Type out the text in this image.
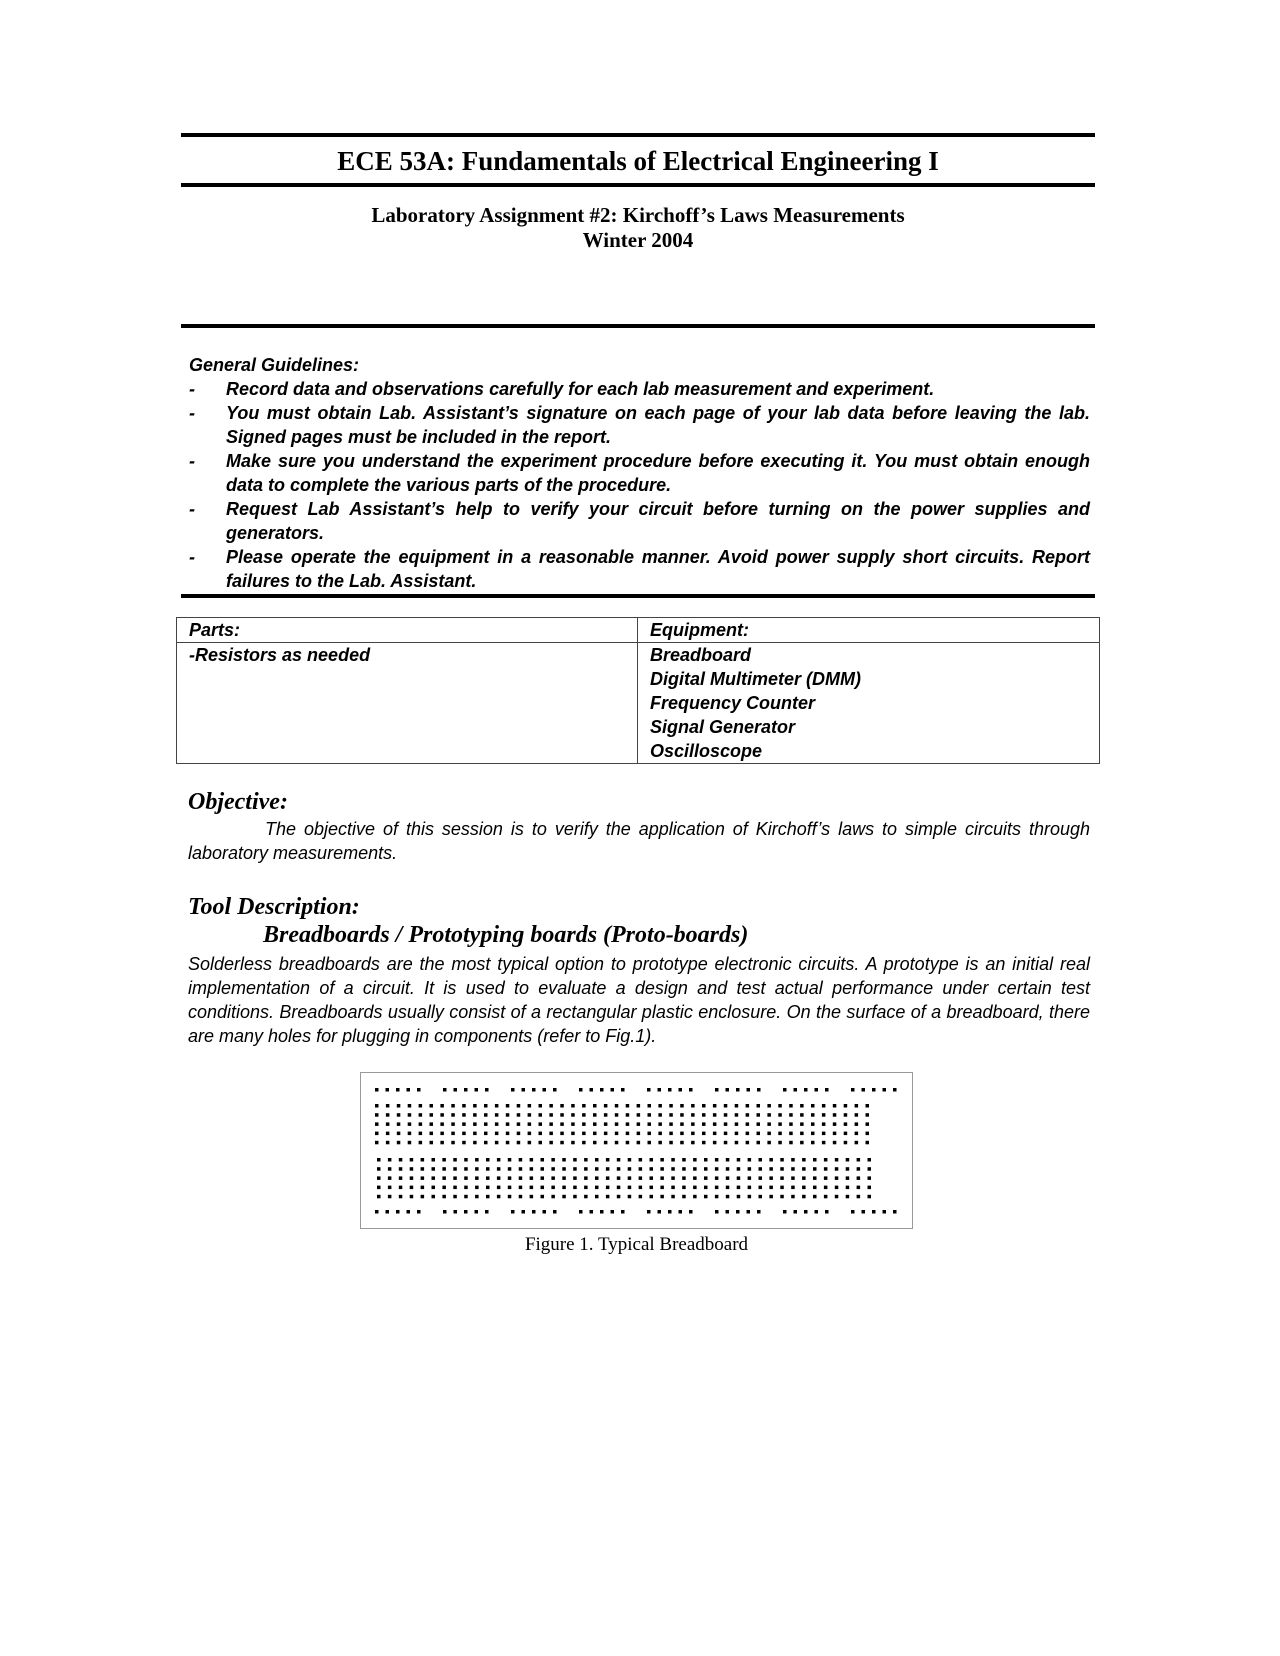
ECE 53A: Fundamentals of Electrical Engineering I
Laboratory Assignment #2: Kirchoff’s Laws Measurements
Winter 2004
General Guidelines:
- Record data and observations carefully for each lab measurement and experiment.
- You must obtain Lab. Assistant’s signature on each page of your lab data before leaving the lab. Signed pages must be included in the report.
- Make sure you understand the experiment procedure before executing it. You must obtain enough data to complete the various parts of the procedure.
- Request Lab Assistant’s help to verify your circuit before turning on the power supplies and generators.
- Please operate the equipment in a reasonable manner. Avoid power supply short circuits. Report failures to the Lab. Assistant.
Parts:	Equipment:

-Resistors as needed	Breadboard
Digital Multimeter (DMM)
Frequency Counter
Signal Generator
Oscilloscope
Objective:
The objective of this session is to verify the application of Kirchoff’s laws to simple circuits through laboratory measurements.
Tool Description:
Breadboards / Prototyping boards (Proto-boards)
Solderless breadboards are the most typical option to prototype electronic circuits. A prototype is an initial real implementation of a circuit. It is used to evaluate a design and test actual performance under certain test conditions. Breadboards usually consist of a rectangular plastic enclosure. On the surface of a breadboard, there are many holes for plugging in components (refer to Fig.1).
Figure 1. Typical Breadboard
